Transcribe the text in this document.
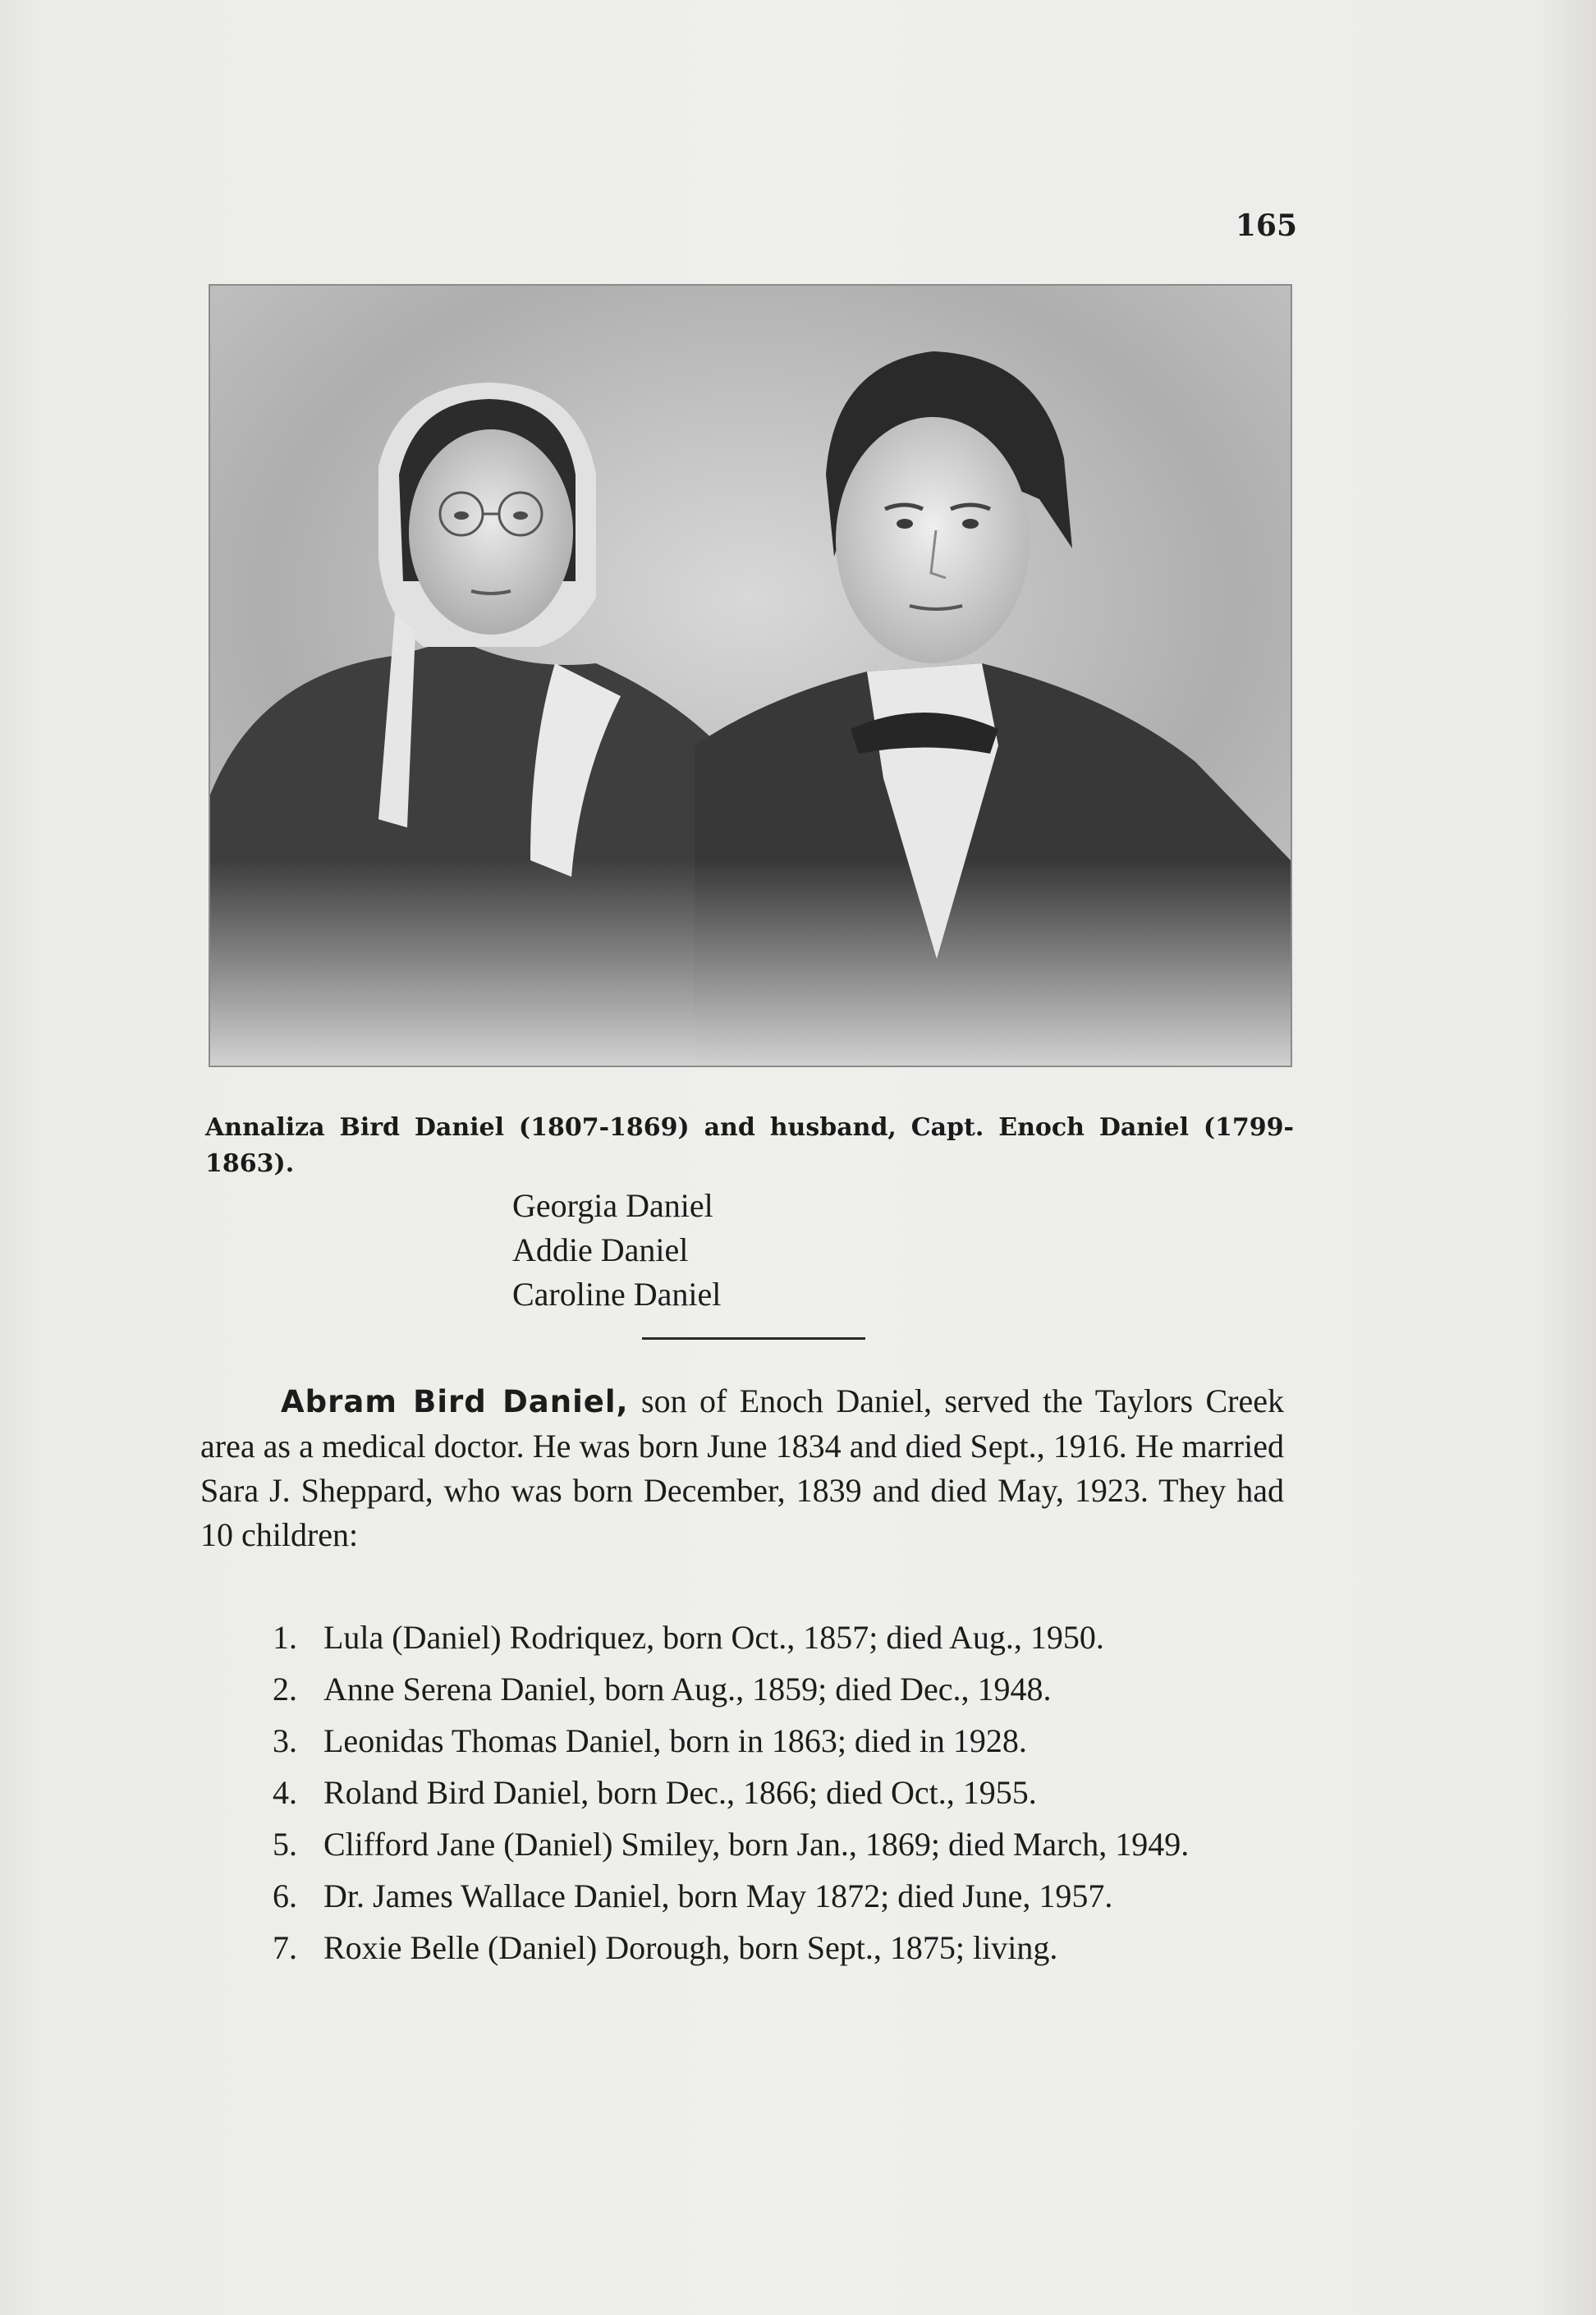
165
Annaliza Bird Daniel (1807-1869) and husband, Capt. Enoch Daniel (1799-1863).
Georgia Daniel
Addie Daniel
Caroline Daniel

Abram Bird Daniel, son of Enoch Daniel, served the Taylors Creek area as a medical doctor. He was born June 1834 and died Sept., 1916. He married Sara J. Sheppard, who was born December, 1839 and died May, 1923. They had 10 children:

1. Lula (Daniel) Rodriquez, born Oct., 1857; died Aug., 1950.
2. Anne Serena Daniel, born Aug., 1859; died Dec., 1948.
3. Leonidas Thomas Daniel, born in 1863; died in 1928.
4. Roland Bird Daniel, born Dec., 1866; died Oct., 1955.
5. Clifford Jane (Daniel) Smiley, born Jan., 1869; died March, 1949.
6. Dr. James Wallace Daniel, born May 1872; died June, 1957.
7. Roxie Belle (Daniel) Dorough, born Sept., 1875; living.
